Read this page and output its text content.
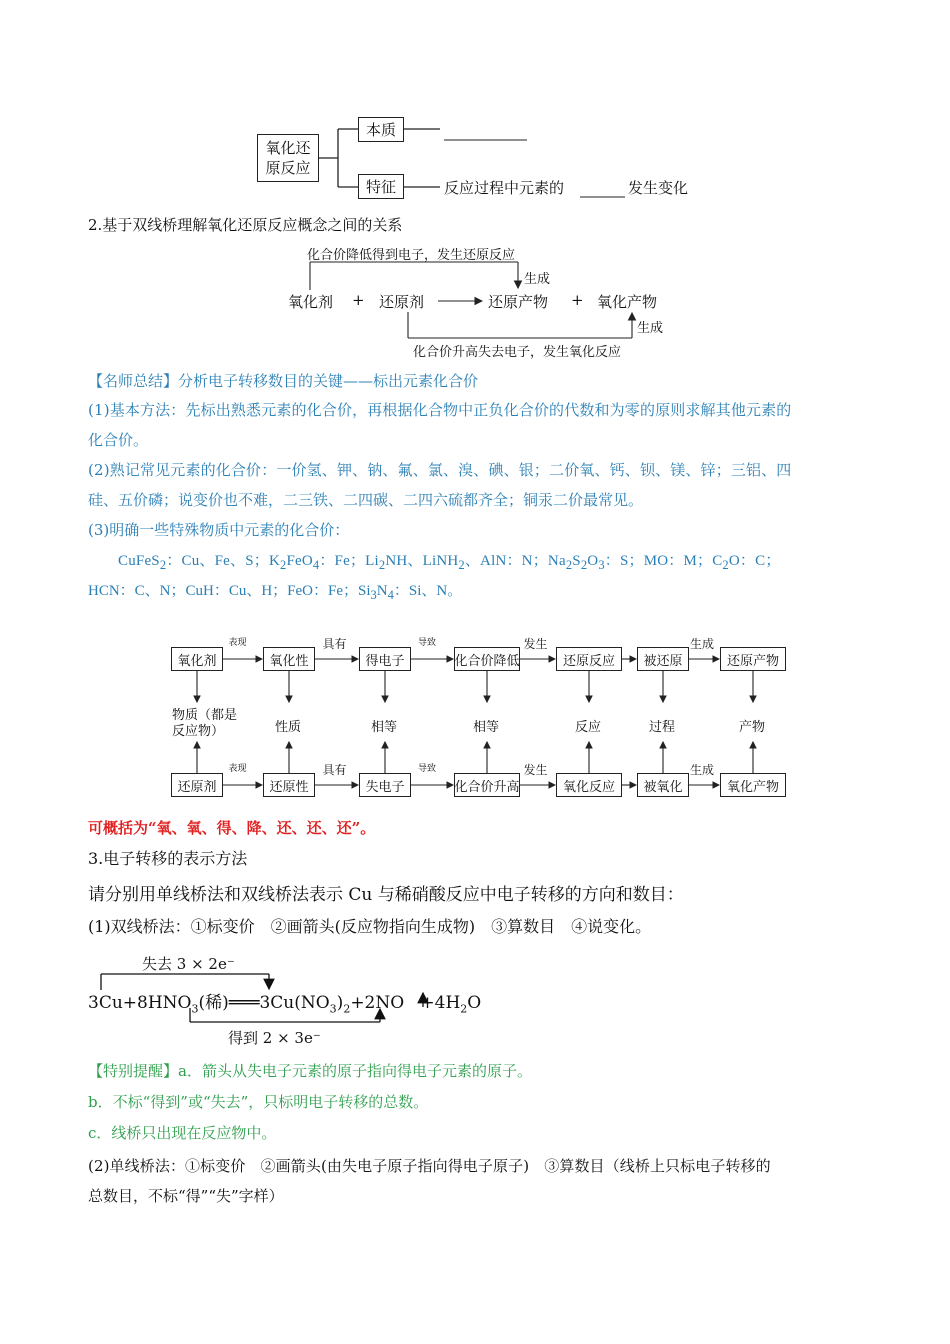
氧化还
原反应
本质
特征	反应过程中元素的	发生变化
2.基于双线桥理解氧化还原反应概念之间的关系
化合价降低得到电子，发生还原反应
生成
氧化剂 + 还原剂	还原产物 + 氧化产物
生成
化合价升高失去电子，发生氧化反应
【名师总结】分析电子转移数目的关键——标出元素化合价
(1)基本方法：先标出熟悉元素的化合价，再根据化合物中正负化合价的代数和为零的原则求解其他元素的
化合价。
(2)熟记常见元素的化合价：一价氢、钾、钠、氟、氯、溴、碘、银；二价氧、钙、钡、镁、锌；三铝、四
硅、五价磷；说变价也不难，二三铁、二四碳、二四六硫都齐全；铜汞二价最常见。
(3)明确一些特殊物质中元素的化合价：
CuFeS$_2$：Cu、Fe、S；$K_2FeO_4$：Fe；$Li_2NH$、LiNH$_2$、AlN：N；$Na_2S_2O_3$：S；MO：M；$C_2O$：C；
HCN：C、N；CuH：Cu、H；FeO：Fe；$Si_3N_4$：Si、N。
氧化剂	氧化性	得电子	化合价降低	还原反应	被还原	还原产物
表现	具有	导致	发生	生成
还原剂	还原性	失电子	化合价升高	氧化反应	被氧化	氧化产物
表现	具有	导致	发生	生成
物质（都是
反应物）	性质	相等	相等	反应	过程	产物
可概括为“氧、氧、得、降、还、还、还”。
3.电子转移的表示方法
请分别用单线桥法和双线桥法表示 Cu 与稀硝酸反应中电子转移的方向和数目：
(1)双线桥法：①标变价　②画箭头(反应物指向生成物)　③算数目　④说变化。
失去 3 × 2e⁻
$3Cu+8HNO_3$(稀)$═══3Cu(NO_3)_2+2NO +4H_2O$
得到 2 × 3e⁻
【特别提醒】a．箭头从失电子元素的原子指向得电子元素的原子。
b．不标“得到”或“失去”，只标明电子转移的总数。
c．线桥只出现在反应物中。
(2)单线桥法：①标变价　②画箭头(由失电子原子指向得电子原子)　③算数目（线桥上只标电子转移的
总数目，不标“得”“失”字样）
